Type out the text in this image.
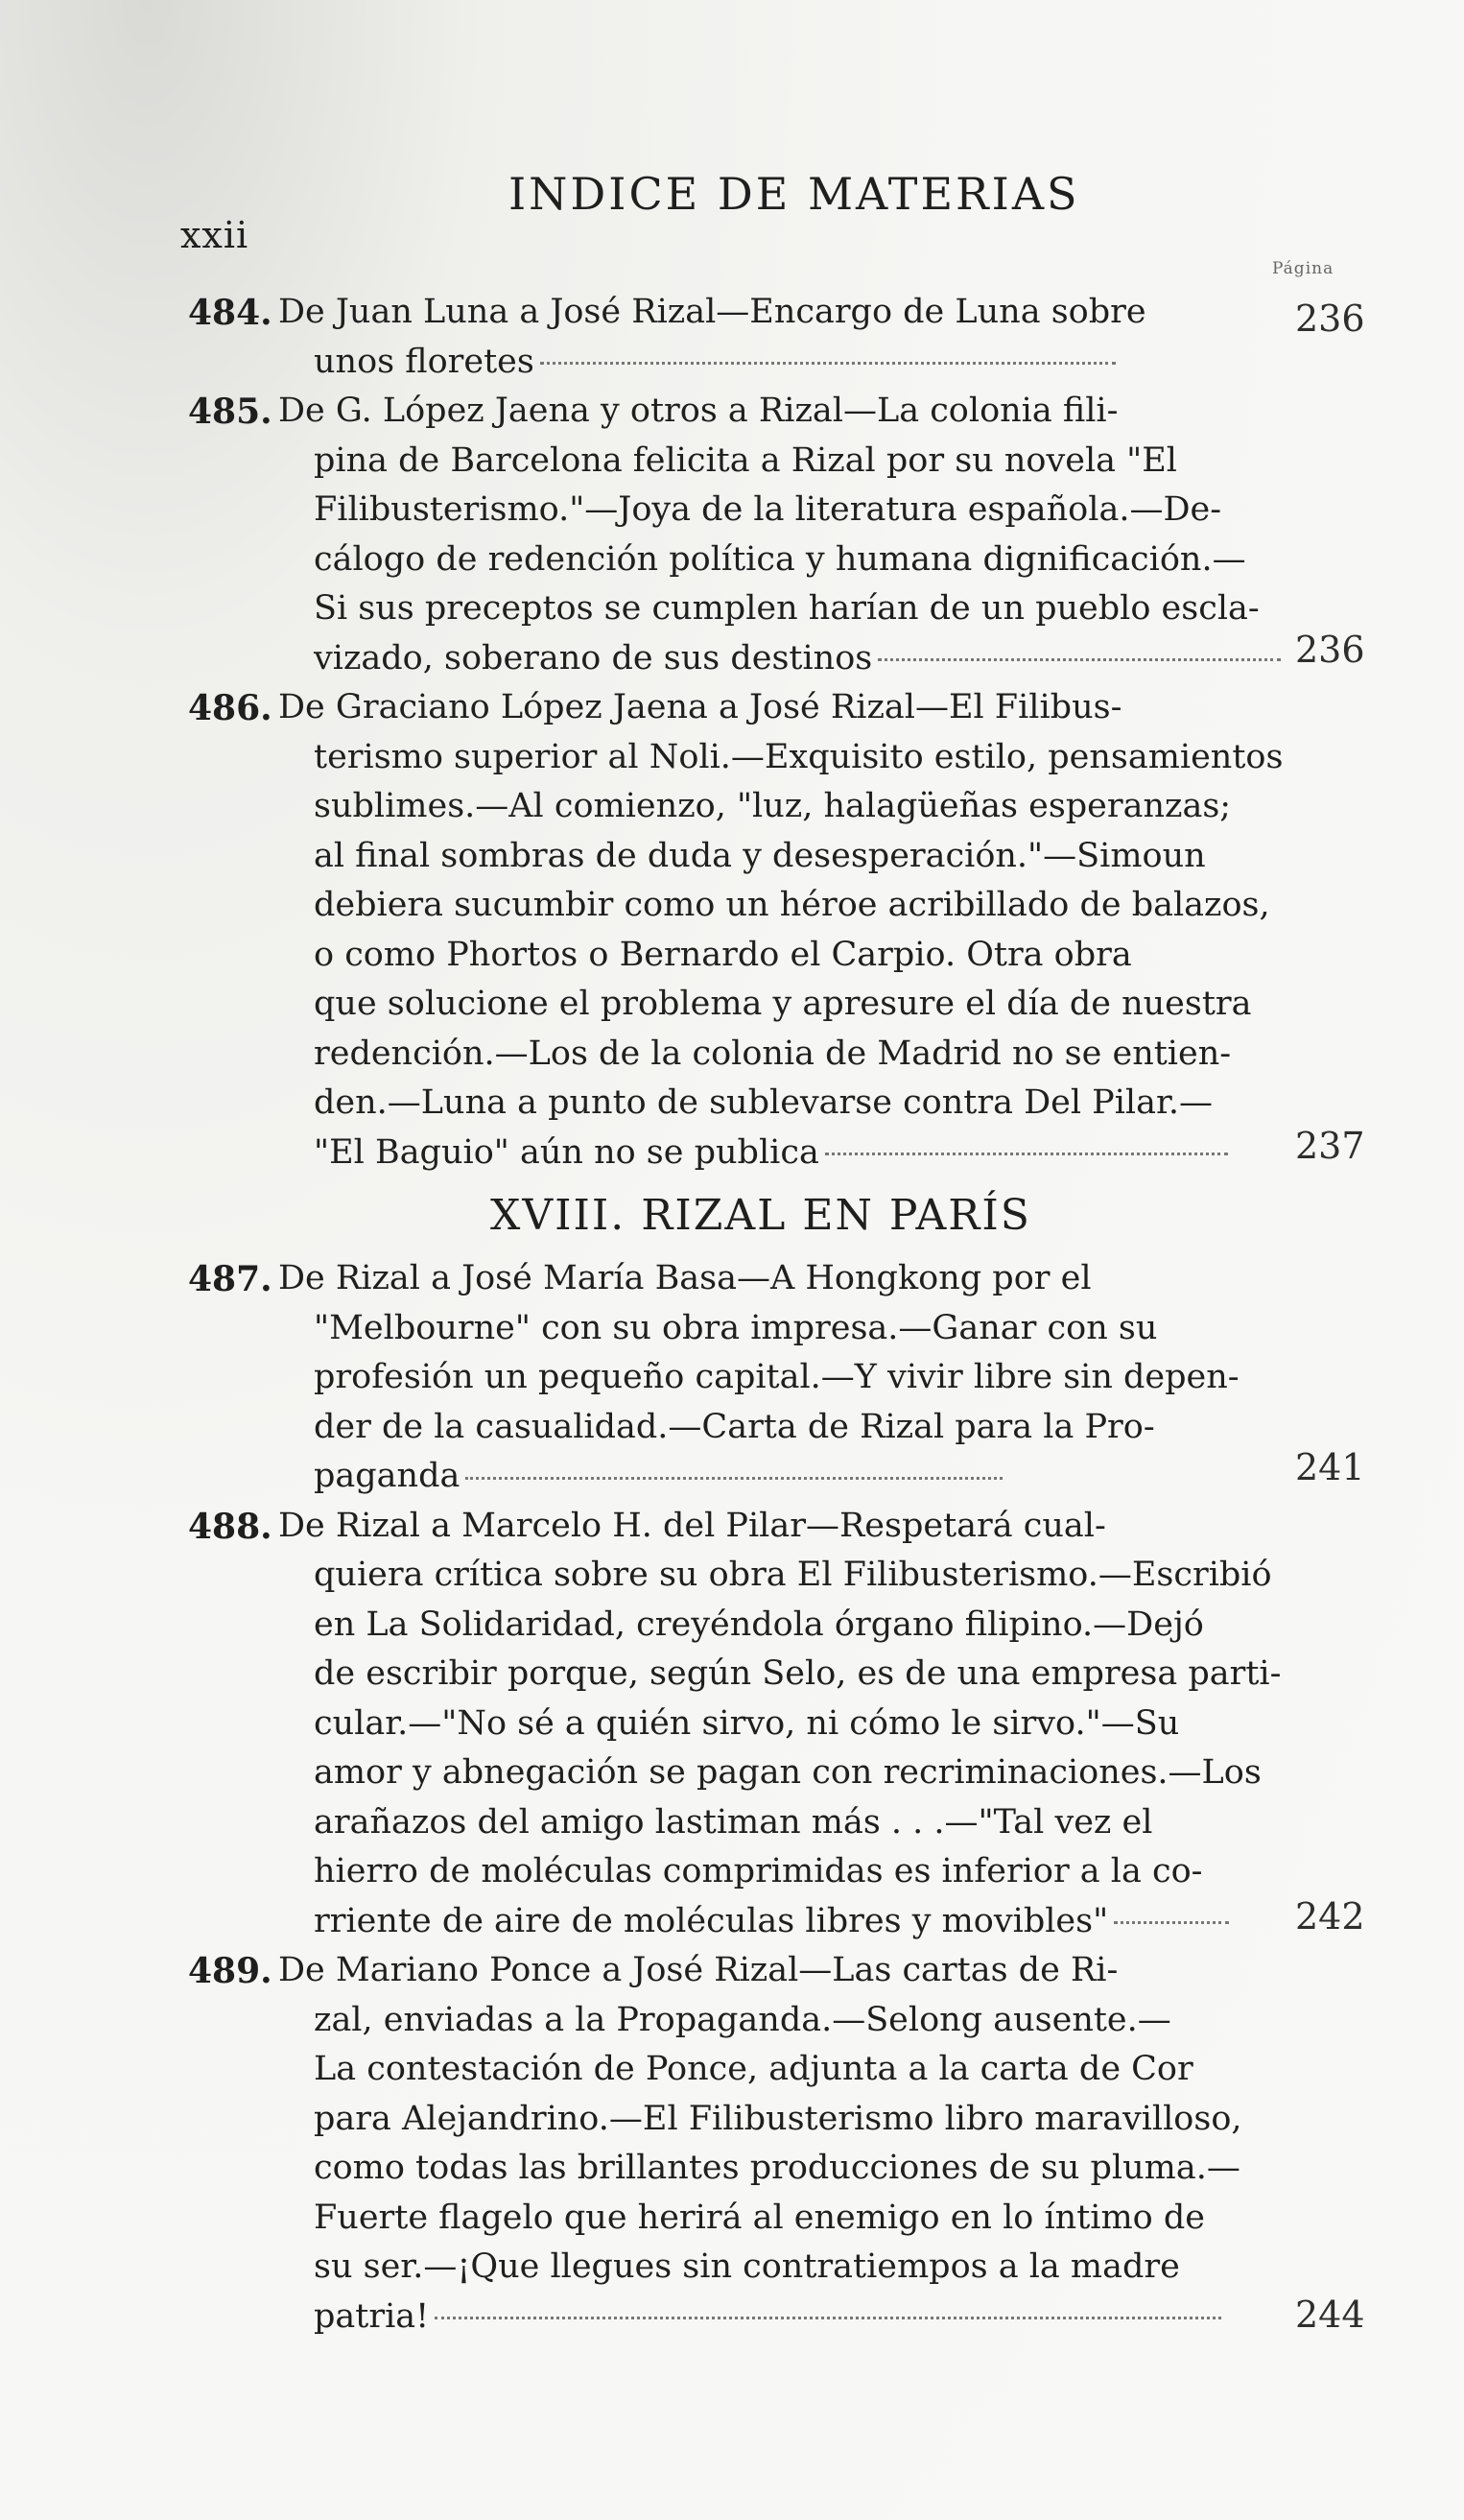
xxii
INDICE DE MATERIAS
Página
484. De Juan Luna a José Rizal—Encargo de Luna sobre
unos floretes
236
485. De G. López Jaena y otros a Rizal—La colonia fili-
pina de Barcelona felicita a Rizal por su novela "El
Filibusterismo."—Joya de la literatura española.—De-
cálogo de redención política y humana dignificación.—
Si sus preceptos se cumplen harían de un pueblo escla-
vizado, soberano de sus destinos	236
486. De Graciano López Jaena a José Rizal—El Filibus-
terismo superior al Noli.—Exquisito estilo, pensamientos
sublimes.—Al comienzo, "luz, halagüeñas esperanzas;
al final sombras de duda y desesperación."—Simoun
debiera sucumbir como un héroe acribillado de balazos,
o como Phortos o Bernardo el Carpio. Otra obra
que solucione el problema y apresure el día de nuestra
redención.—Los de la colonia de Madrid no se entien-
den.—Luna a punto de sublevarse contra Del Pilar.—
"El Baguio" aún no se publica	237
XVIII. RIZAL EN PARÍS
487. De Rizal a José María Basa—A Hongkong por el
"Melbourne" con su obra impresa.—Ganar con su
profesión un pequeño capital.—Y vivir libre sin depen-
der de la casualidad.—Carta de Rizal para la Pro-
paganda	241
488. De Rizal a Marcelo H. del Pilar—Respetará cual-
quiera crítica sobre su obra El Filibusterismo.—Escribió
en La Solidaridad, creyéndola órgano filipino.—Dejó
de escribir porque, según Selo, es de una empresa parti-
cular.—"No sé a quién sirvo, ni cómo le sirvo."—Su
amor y abnegación se pagan con recriminaciones.—Los
arañazos del amigo lastiman más . . .—"Tal vez el
hierro de moléculas comprimidas es inferior a la co-
rriente de aire de moléculas libres y movibles"	242
489. De Mariano Ponce a José Rizal—Las cartas de Ri-
zal, enviadas a la Propaganda.—Selong ausente.—
La contestación de Ponce, adjunta a la carta de Cor
para Alejandrino.—El Filibusterismo libro maravilloso,
como todas las brillantes producciones de su pluma.—
Fuerte flagelo que herirá al enemigo en lo íntimo de
su ser.—¡Que llegues sin contratiempos a la madre
patria!	244
